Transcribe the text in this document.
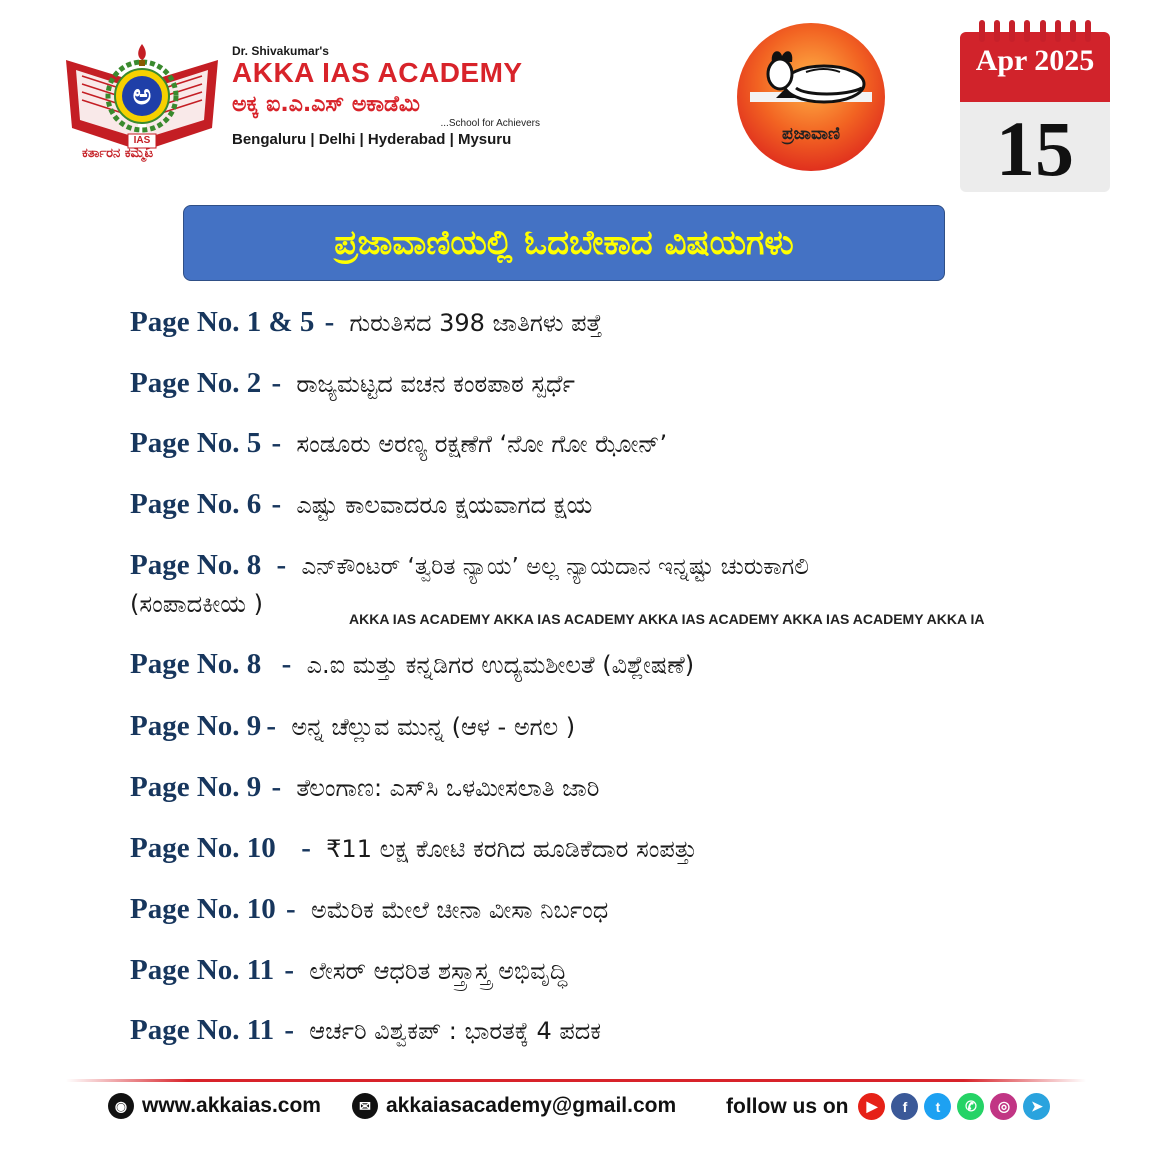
ಅ
IAS
ಕರ್ತಾರನ ಕಮ್ಮಟ
Dr. Shivakumar's
AKKA IAS ACADEMY
ಅಕ್ಕ ಐ.ಎ.ಎಸ್ ಅಕಾಡೆಮಿ
...School for Achievers
Bengaluru | Delhi | Hyderabad | Mysuru	ಪ್ರಜಾವಾಣಿ
Apr 2025
15
ಪ್ರಜಾವಾಣಿಯಲ್ಲಿ ಓದಬೇಕಾದ ವಿಷಯಗಳು
Page No. 1 & 5 - ಗುರುತಿಸದ 398 ಜಾತಿಗಳು ಪತ್ತೆ
Page No. 2 - ರಾಜ್ಯಮಟ್ಟದ ವಚನ ಕಂಠಪಾಠ ಸ್ಪರ್ಧೆ
Page No. 5 - ಸಂಡೂರು ಅರಣ್ಯ ರಕ್ಷಣೆಗೆ ‘ನೋ ಗೋ ಝೋನ್’
Page No. 6 - ಎಷ್ಟು ಕಾಲವಾದರೂ ಕ್ಷಯವಾಗದ ಕ್ಷಯ
Page No. 8 - ಎನ್‌ಕೌಂಟರ್ ‘ತ್ವರಿತ ನ್ಯಾಯ’ ಅಲ್ಲ ನ್ಯಾಯದಾನ ಇನ್ನಷ್ಟು ಚುರುಕಾಗಲಿ
(ಸಂಪಾದಕೀಯ )
AKKA IAS ACADEMY AKKA IAS ACADEMY AKKA IAS ACADEMY AKKA IAS ACADEMY AKKA IA
Page No. 8 - ಎ.ಐ ಮತ್ತು ಕನ್ನಡಿಗರ ಉದ್ಯಮಶೀಲತೆ (ವಿಶ್ಲೇಷಣೆ)
Page No. 9 - ಅನ್ನ ಚೆಲ್ಲುವ ಮುನ್ನ (ಆಳ - ಅಗಲ )
Page No. 9 - ತೆಲಂಗಾಣ: ಎಸ್‌ಸಿ ಒಳಮೀಸಲಾತಿ ಜಾರಿ
Page No. 10 - ₹11 ಲಕ್ಷ ಕೋಟಿ ಕರಗಿದ ಹೂಡಿಕೆದಾರ ಸಂಪತ್ತು
Page No. 10 - ಅಮೆರಿಕ ಮೇಲೆ ಚೀನಾ ವೀಸಾ ನಿರ್ಬಂಧ
Page No. 11 - ಲೇಸರ್ ಆಧರಿತ ಶಸ್ತ್ರಾಸ್ತ್ರ ಅಭಿವೃದ್ಧಿ
Page No. 11 - ಆರ್ಚರಿ ವಿಶ್ವಕಪ್ : ಭಾರತಕ್ಕೆ 4 ಪದಕ
◉ www.akkaias.com	✉ akkaiasacademy@gmail.com follow us on	▶	f	t	✆	◎	➤
